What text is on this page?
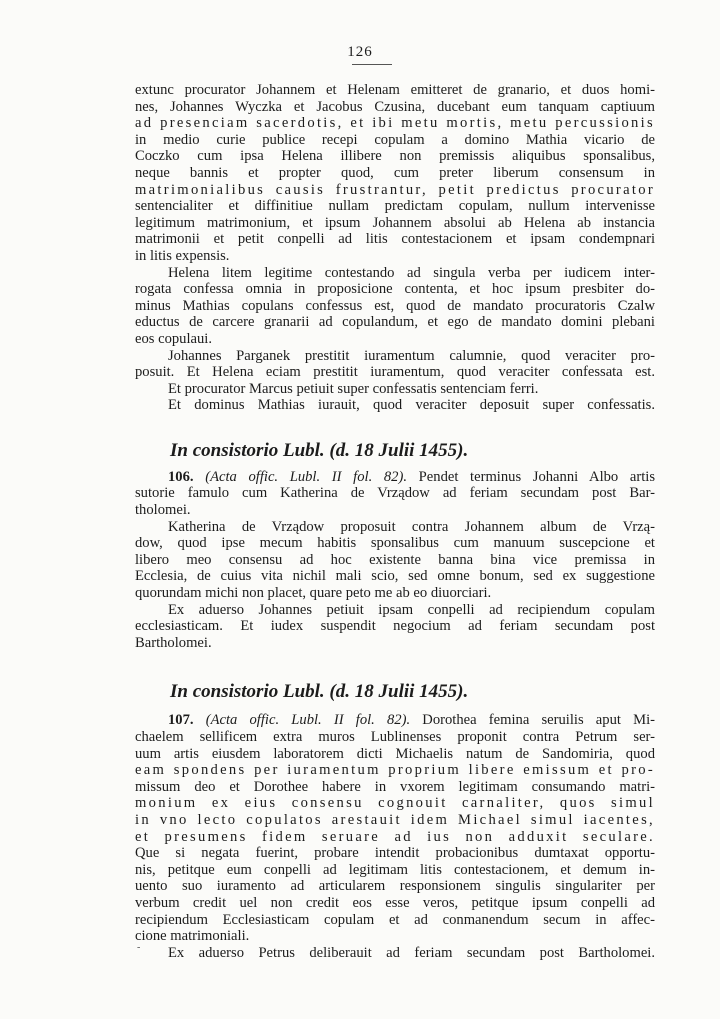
126
extunc procurator Johannem et Helenam emitteret de granario, et duos homi-
nes, Johannes Wyczka et Jacobus Czusina, ducebant eum tanquam captiuum
ad presenciam sacerdotis, et ibi metu mortis, metu percussionis
in medio curie publice recepi copulam a domino Mathia vicario de
Coczko cum ipsa Helena illibere non premissis aliquibus sponsalibus,
neque bannis et propter quod, cum preter liberum consensum in
matrimonialibus causis frustrantur, petit predictus procurator
sentencialiter et diffinitiue nullam predictam copulam, nullum intervenisse
legitimum matrimonium, et ipsum Johannem absolui ab Helena ab instancia
matrimonii et petit conpelli ad litis contestacionem et ipsam condempnari
in litis expensis.
Helena litem legitime contestando ad singula verba per iudicem inter-
rogata confessa omnia in proposicione contenta, et hoc ipsum presbiter do-
minus Mathias copulans confessus est, quod de mandato procuratoris Czalw
eductus de carcere granarii ad copulandum, et ego de mandato domini plebani
eos copulaui.
Johannes Parganek prestitit iuramentum calumnie, quod veraciter pro-
posuit. Et Helena eciam prestitit iuramentum, quod veraciter confessata est.
Et procurator Marcus petiuit super confessatis sentenciam ferri.
Et dominus Mathias iurauit, quod veraciter deposuit super confessatis.
In consistorio Lubl. (d. 18 Julii 1455).
106. (Acta offic. Lubl. II fol. 82). Pendet terminus Johanni Albo artis
sutorie famulo cum Katherina de Vrządow ad feriam secundam post Bar-
tholomei.
Katherina de Vrządow proposuit contra Johannem album de Vrzą-
dow, quod ipse mecum habitis sponsalibus cum manuum suscepcione et
libero meo consensu ad hoc existente banna bina vice premissa in
Ecclesia, de cuius vita nichil mali scio, sed omne bonum, sed ex suggestione
quorundam michi non placet, quare peto me ab eo diuorciari.
Ex aduerso Johannes petiuit ipsam conpelli ad recipiendum copulam
ecclesiasticam. Et iudex suspendit negocium ad feriam secundam post
Bartholomei.
In consistorio Lubl. (d. 18 Julii 1455).
107. (Acta offic. Lubl. II fol. 82). Dorothea femina seruilis aput Mi-
chaelem sellificem extra muros Lublinenses proponit contra Petrum ser-
uum artis eiusdem laboratorem dicti Michaelis natum de Sandomiria, quod
eam spondens per iuramentum proprium libere emissum et pro-
missum deo et Dorothee habere in vxorem legitimam consumando matri-
monium ex eius consensu cognouit carnaliter, quos simul
in vno lecto copulatos arestauit idem Michael simul iacentes,
et presumens fidem seruare ad ius non adduxit seculare.
Que si negata fuerint, probare intendit probacionibus dumtaxat opportu-
nis, petitque eum conpelli ad legitimam litis contestacionem, et demum in-
uento suo iuramento ad articularem responsionem singulis singulariter per
verbum credit uel non credit eos esse veros, petitque ipsum conpelli ad
recipiendum Ecclesiasticam copulam et ad conmanendum secum in affec-
cione matrimoniali.
Ex aduerso Petrus deliberauit ad feriam secundam post Bartholomei.
-
